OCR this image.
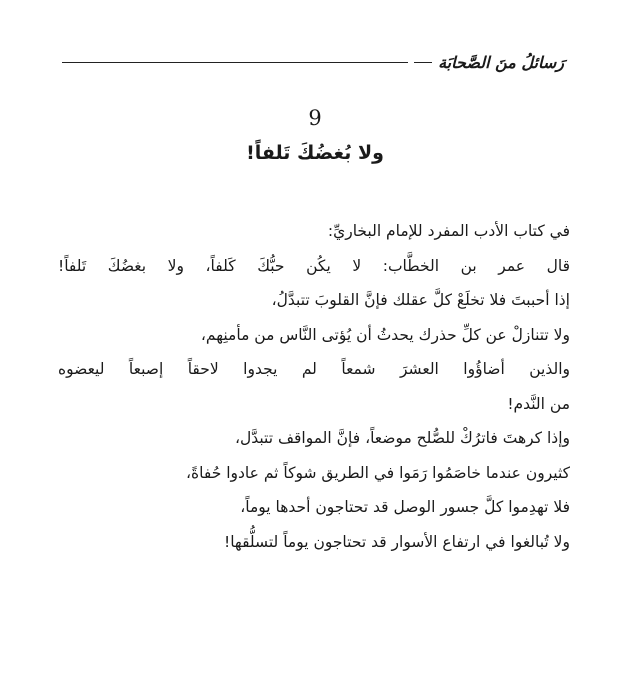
رَسائلُ منَ الصَّحابَة
9
ولا بُغضُكَ تَلفاً!
في كتاب الأدب المفرد للإمام البخاريِّ:
قال عمر بن الخطَّاب: لا يكُن حبُّكَ كَلفاً، ولا بغضُكَ تَلفاً!
إذا أحببتَ فلا تخلَعْ كلَّ عقلك فإنَّ القلوبَ تتبدَّلُ،
ولا تتنازلْ عن كلِّ حذرك يحدثُ أن يُؤتى النَّاس من مأمنِهم،
والذين أضاؤُوا العشرَ شمعاً لم يجدوا لاحقاً إصبعاً ليعضوه
من النَّدم!
وإذا كرهتَ فاترُكْ للصُّلح موضعاً، فإنَّ المواقف تتبدَّل،
كثيرون عندما خاصَمُوا رَمَوا في الطريق شوكاً ثم عادوا حُفاةً،
فلا تهدِموا كلَّ جسور الوصل قد تحتاجون أحدها يوماً،
ولا تُبالغوا في ارتفاع الأسوار قد تحتاجون يوماً لتسلُّقها!
